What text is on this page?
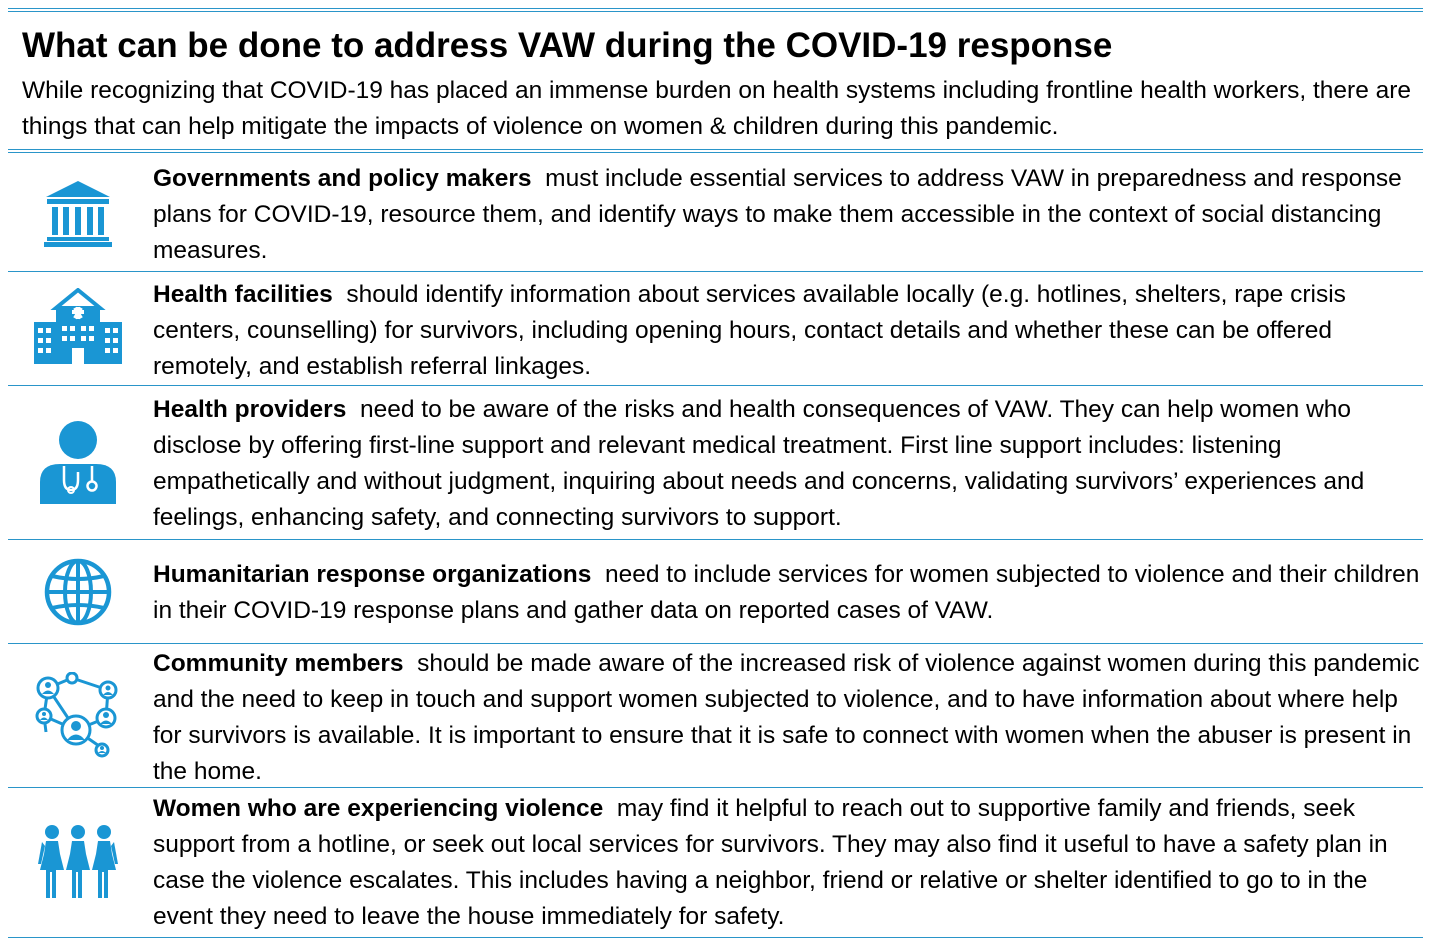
What can be done to address VAW during the COVID-19 response
While recognizing that COVID-19 has placed an immense burden on health systems including frontline health workers, there are things that can help mitigate the impacts of violence on women & children during this pandemic.
Governments and policy makers must include essential services to address VAW in preparedness and response plans for COVID-19, resource them, and identify ways to make them accessible in the context of social distancing measures.
Health facilities should identify information about services available locally (e.g. hotlines, shelters, rape crisis centers, counselling) for survivors, including opening hours, contact details and whether these can be offered remotely, and establish referral linkages.
Health providers need to be aware of the risks and health consequences of VAW. They can help women who disclose by offering first-line support and relevant medical treatment. First line support includes: listening empathetically and without judgment, inquiring about needs and concerns, validating survivors’ experiences and feelings, enhancing safety, and connecting survivors to support.
Humanitarian response organizations need to include services for women subjected to violence and their children in their COVID-19 response plans and gather data on reported cases of VAW.
Community members should be made aware of the increased risk of violence against women during this pandemic and the need to keep in touch and support women subjected to violence, and to have information about where help for survivors is available. It is important to ensure that it is safe to connect with women when the abuser is present in the home.
Women who are experiencing violence may find it helpful to reach out to supportive family and friends, seek support from a hotline, or seek out local services for survivors. They may also find it useful to have a safety plan in case the violence escalates. This includes having a neighbor, friend or relative or shelter identified to go to in the event they need to leave the house immediately for safety.
